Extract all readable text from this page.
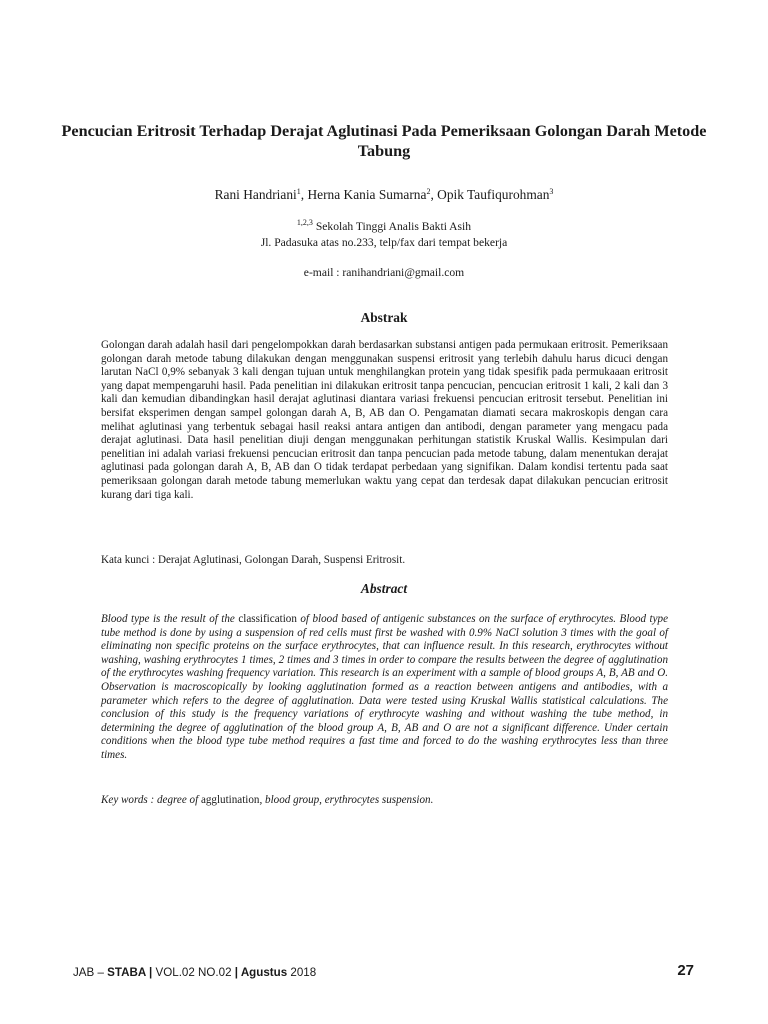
Pencucian Eritrosit Terhadap Derajat Aglutinasi Pada Pemeriksaan Golongan Darah Metode Tabung
Rani Handriani$^1$, Herna Kania Sumarna$^2$, Opik Taufiqurohman$^3$
$^{1,2,3}$ Sekolah Tinggi Analis Bakti Asih
Jl. Padasuka atas no.233, telp/fax dari tempat bekerja
e-mail : ranihandriani@gmail.com
Abstrak

Golongan darah adalah hasil dari pengelompokkan darah berdasarkan substansi antigen pada permukaan eritrosit. Pemeriksaan golongan darah metode tabung dilakukan dengan menggunakan suspensi eritrosit yang terlebih dahulu harus dicuci dengan larutan NaCl 0,9% sebanyak 3 kali dengan tujuan untuk menghilangkan protein yang tidak spesifik pada permukaaan eritrosit yang dapat mempengaruhi hasil. Pada penelitian ini dilakukan eritrosit tanpa pencucian, pencucian eritrosit 1 kali, 2 kali dan 3 kali dan kemudian dibandingkan hasil derajat aglutinasi diantara variasi frekuensi pencucian eritrosit tersebut. Penelitian ini bersifat eksperimen dengan sampel golongan darah A, B, AB dan O. Pengamatan diamati secara makroskopis dengan cara melihat aglutinasi yang terbentuk sebagai hasil reaksi antara antigen dan antibodi, dengan parameter yang mengacu pada derajat aglutinasi. Data hasil penelitian diuji dengan menggunakan perhitungan statistik Kruskal Wallis. Kesimpulan dari penelitian ini adalah variasi frekuensi pencucian eritrosit dan tanpa pencucian pada metode tabung, dalam menentukan derajat aglutinasi pada golongan darah A, B, AB dan O tidak terdapat perbedaan yang signifikan. Dalam kondisi tertentu pada saat pemeriksaan golongan darah metode tabung memerlukan waktu yang cepat dan terdesak dapat dilakukan pencucian eritrosit kurang dari tiga kali.

Kata kunci : Derajat Aglutinasi, Golongan Darah, Suspensi Eritrosit.

Abstract

Blood type is the result of the classification of blood based of antigenic substances on the surface of erythrocytes. Blood type tube method is done by using a suspension of red cells must first be washed with 0.9% NaCl solution 3 times with the goal of eliminating non specific proteins on the surface erythrocytes, that can influence result. In this research, erythrocytes without washing, washing erythrocytes 1 times, 2 times and 3 times in order to compare the results between the degree of agglutination of the erythrocytes washing frequency variation. This research is an experiment with a sample of blood groups A, B, AB and O. Observation is macroscopically by looking agglutination formed as a reaction between antigens and antibodies, with a parameter which refers to the degree of agglutination. Data were tested using Kruskal Wallis statistical calculations. The conclusion of this study is the frequency variations of erythrocyte washing and without washing the tube method, in determining the degree of agglutination of the blood group A, B, AB and O are not a significant difference. Under certain conditions when the blood type tube method requires a fast time and forced to do the washing erythrocytes less than three times.

Key words : degree of agglutination, blood group, erythrocytes suspension.

JAB – STABA | VOL.02 NO.02 | Agustus 2018	27
